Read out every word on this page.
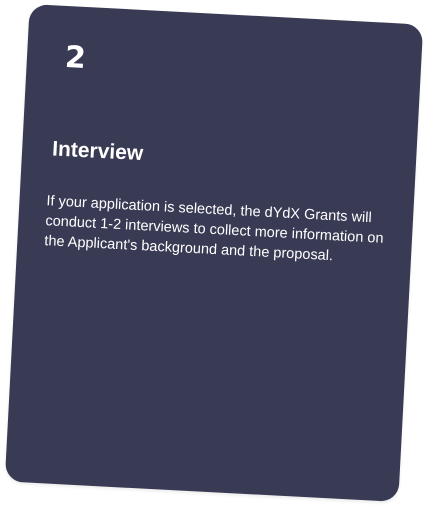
2
Interview

If your application is selected, the dYdX Grants will conduct 1-2 interviews to collect more information on the Applicant's background and the proposal.
